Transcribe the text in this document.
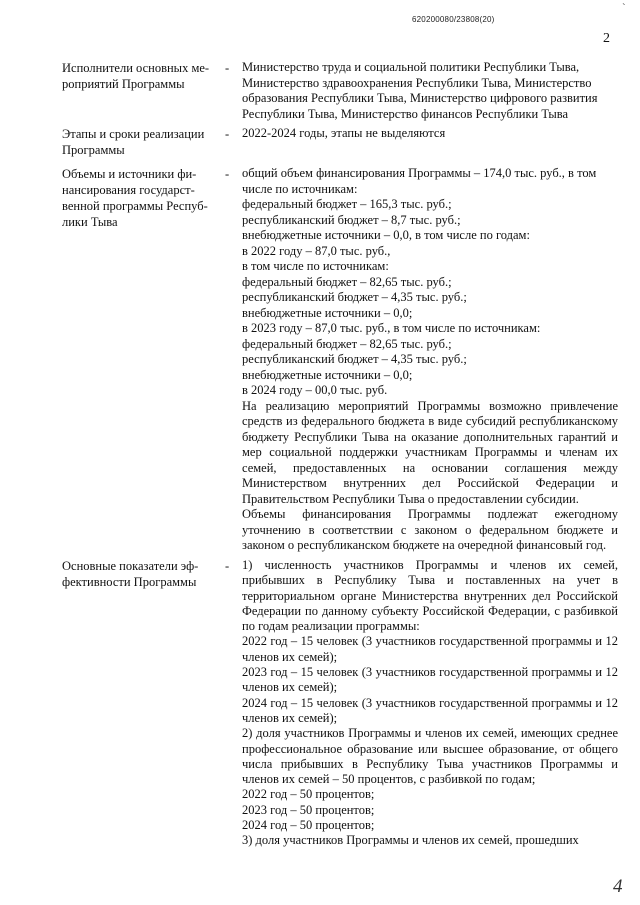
620200080/23808(20)
ˋ
2
Исполнители основных ме-роприятий Программы
-	Министерство труда и социальной политики Республики Тыва,
Министерство здравоохранения Республики Тыва, Министерство
образования Республики Тыва, Министерство цифрового развития
Республики Тыва, Министерство финансов Республики Тыва
Этапы и сроки реализации Программы
-	2022-2024 годы, этапы не выделяются
Объемы и источники фи-нансирования государст-венной программы Респуб-лики Тыва
-	общий объем финансирования Программы – 174,0 тыс. руб., в том
числе по источникам:
федеральный бюджет – 165,3 тыс. руб.;
республиканский бюджет – 8,7 тыс. руб.;
внебюджетные источники – 0,0, в том числе по годам:
в 2022 году – 87,0 тыс. руб.,
в том числе по источникам:
федеральный бюджет – 82,65 тыс. руб.;
республиканский бюджет – 4,35 тыс. руб.;
внебюджетные источники – 0,0;
в 2023 году – 87,0 тыс. руб., в том числе по источникам:
федеральный бюджет – 82,65 тыс. руб.;
республиканский бюджет – 4,35 тыс. руб.;
внебюджетные источники – 0,0;
в 2024 году – 00,0 тыс. руб.
На реализацию мероприятий Программы возможно привлечение средств из федерального бюджета в виде субсидий республиканскому бюджету Республики Тыва на оказание дополнительных гарантий и мер социальной поддержки участникам Программы и членам их семей, предоставленных на основании соглашения между Министерством внутренних дел Российской Федерации и Правительством Республики Тыва о предоставлении субсидии.
Объемы финансирования Программы подлежат ежегодному уточнению в соответствии с законом о федеральном бюджете и законом о республиканском бюджете на очередной финансовый год.
Основные показатели эф-фективности Программы
-	1) численность участников Программы и членов их семей, прибывших в Республику Тыва и поставленных на учет в территориальном органе Министерства внутренних дел Российской Федерации по данному субъекту Российской Федерации, с разбивкой по годам реализации программы:
2022 год – 15 человек (3 участников государственной программы и 12 членов их семей);
2023 год – 15 человек (3 участников государственной программы и 12 членов их семей);
2024 год – 15 человек (3 участников государственной программы и 12 членов их семей);
2) доля участников Программы и членов их семей, имеющих среднее профессиональное образование или высшее образование, от общего числа прибывших в Республику Тыва участников Программы и членов их семей – 50 процентов, с разбивкой по годам;
2022 год – 50 процентов;
2023 год – 50 процентов;
2024 год – 50 процентов;
3) доля участников Программы и членов их семей, прошедших
4
